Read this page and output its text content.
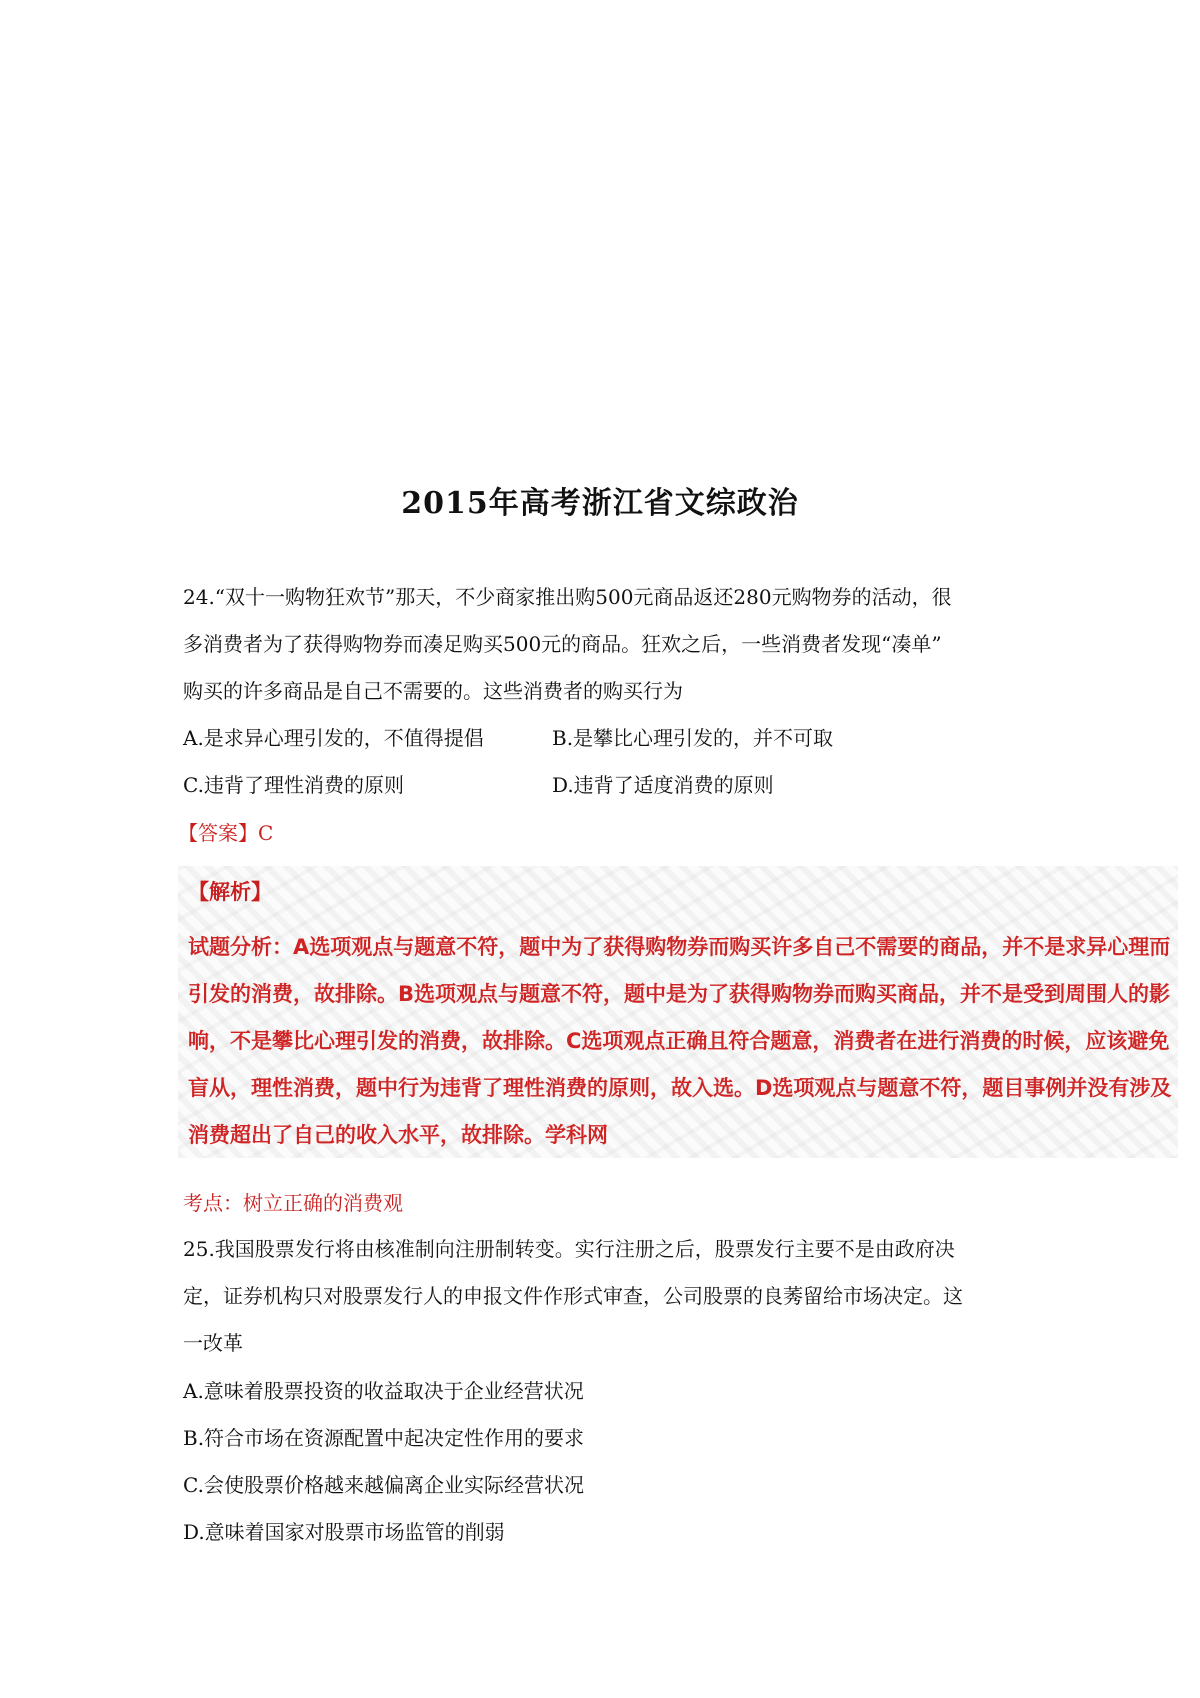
2015年高考浙江省文综政治
24.“双十一购物狂欢节”那天，不少商家推出购500元商品返还280元购物券的活动，很
多消费者为了获得购物券而凑足购买500元的商品。狂欢之后，一些消费者发现“凑单”
购买的许多商品是自己不需要的。这些消费者的购买行为
A.是求异心理引发的，不值得提倡	B.是攀比心理引发的，并不可取
C.违背了理性消费的原则	D.违背了适度消费的原则
【答案】C
【解析】
试题分析：A选项观点与题意不符，题中为了获得购物券而购买许多自己不需要的商品，并不是求异心理而
引发的消费，故排除。B选项观点与题意不符，题中是为了获得购物券而购买商品，并不是受到周围人的影
响，不是攀比心理引发的消费，故排除。C选项观点正确且符合题意，消费者在进行消费的时候，应该避免
盲从，理性消费，题中行为违背了理性消费的原则，故入选。D选项观点与题意不符，题目事例并没有涉及
消费超出了自己的收入水平，故排除。学科网
考点：树立正确的消费观
25.我国股票发行将由核准制向注册制转变。实行注册之后，股票发行主要不是由政府决
定，证券机构只对股票发行人的申报文件作形式审查，公司股票的良莠留给市场决定。这
一改革
A.意味着股票投资的收益取决于企业经营状况
B.符合市场在资源配置中起决定性作用的要求
C.会使股票价格越来越偏离企业实际经营状况
D.意味着国家对股票市场监管的削弱
